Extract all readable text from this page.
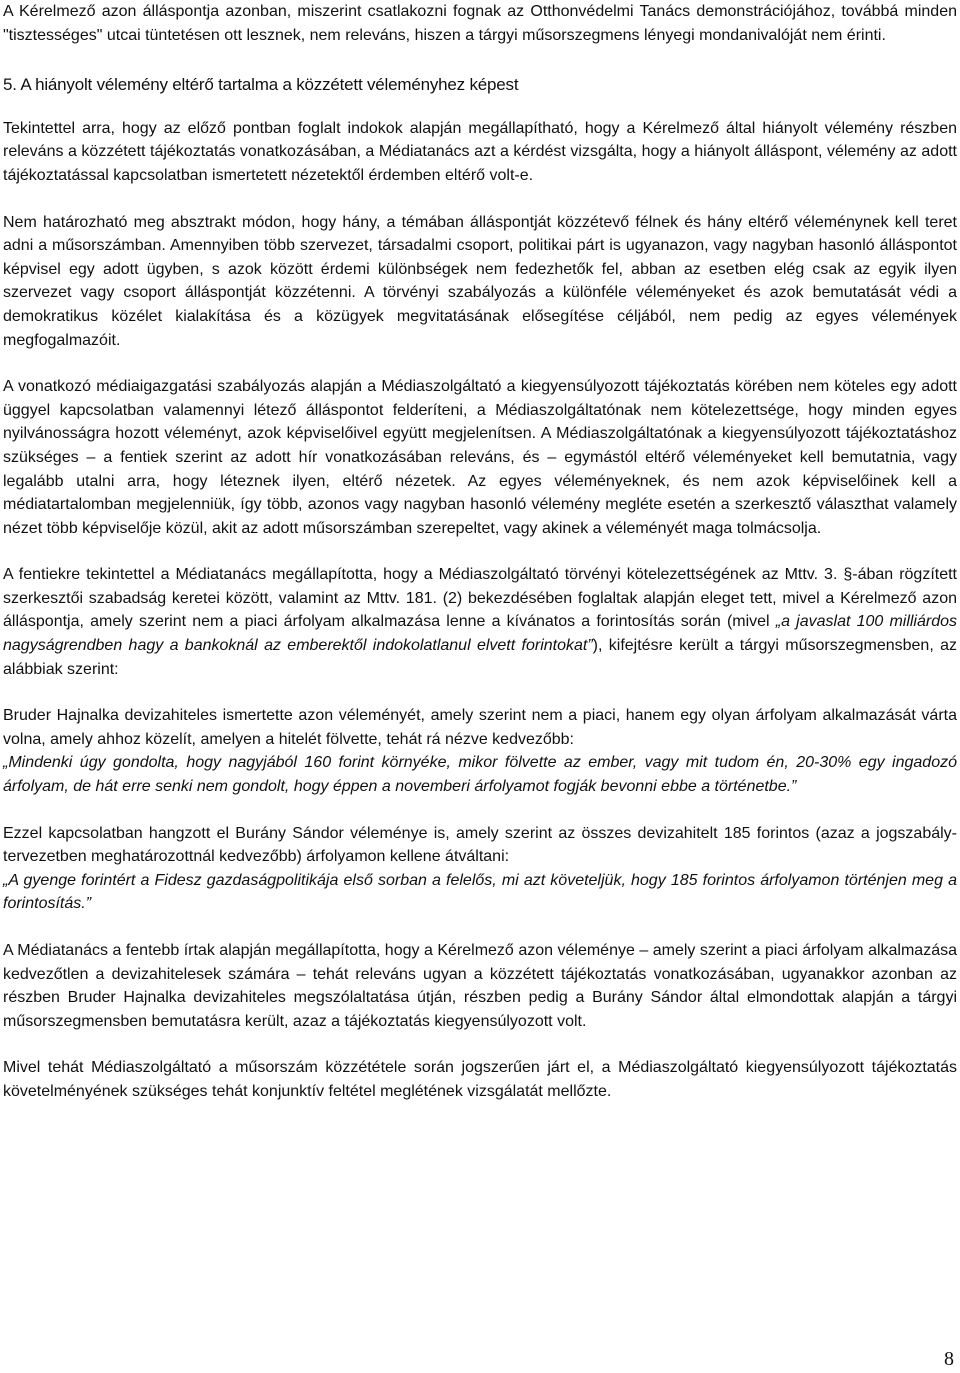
A Kérelmező azon álláspontja azonban, miszerint csatlakozni fognak az Otthonvédelmi Tanács demonstrációjához, továbbá minden "tisztességes" utcai tüntetésen ott lesznek, nem releváns, hiszen a tárgyi műsorszegmens lényegi mondanivalóját nem érinti.

5. A hiányolt vélemény eltérő tartalma a közzétett véleményhez képest

Tekintettel arra, hogy az előző pontban foglalt indokok alapján megállapítható, hogy a Kérelmező által hiányolt vélemény részben releváns a közzétett tájékoztatás vonatkozásában, a Médiatanács azt a kérdést vizsgálta, hogy a hiányolt álláspont, vélemény az adott tájékoztatással kapcsolatban ismertetett nézetektől érdemben eltérő volt-e.

Nem határozható meg absztrakt módon, hogy hány, a témában álláspontját közzétevő félnek és hány eltérő véleménynek kell teret adni a műsorszámban. Amennyiben több szervezet, társadalmi csoport, politikai párt is ugyanazon, vagy nagyban hasonló álláspontot képvisel egy adott ügyben, s azok között érdemi különbségek nem fedezhetők fel, abban az esetben elég csak az egyik ilyen szervezet vagy csoport álláspontját közzétenni. A törvényi szabályozás a különféle véleményeket és azok bemutatását védi a demokratikus közélet kialakítása és a közügyek megvitatásának elősegítése céljából, nem pedig az egyes vélemények megfogalmazóit.

A vonatkozó médiaigazgatási szabályozás alapján a Médiaszolgáltató a kiegyensúlyozott tájékoztatás körében nem köteles egy adott üggyel kapcsolatban valamennyi létező álláspontot felderíteni, a Médiaszolgáltatónak nem kötelezettsége, hogy minden egyes nyilvánosságra hozott véleményt, azok képviselőivel együtt megjelenítsen. A Médiaszolgáltatónak a kiegyensúlyozott tájékoztatáshoz szükséges – a fentiek szerint az adott hír vonatkozásában releváns, és – egymástól eltérő véleményeket kell bemutatnia, vagy legalább utalni arra, hogy léteznek ilyen, eltérő nézetek. Az egyes véleményeknek, és nem azok képviselőinek kell a médiatartalomban megjelenniük, így több, azonos vagy nagyban hasonló vélemény megléte esetén a szerkesztő választhat valamely nézet több képviselője közül, akit az adott műsorszámban szerepeltet, vagy akinek a véleményét maga tolmácsolja.

A fentiekre tekintettel a Médiatanács megállapította, hogy a Médiaszolgáltató törvényi kötelezettségének az Mttv. 3. §-ában rögzített szerkesztői szabadság keretei között, valamint az Mttv. 181. (2) bekezdésében foglaltak alapján eleget tett, mivel a Kérelmező azon álláspontja, amely szerint nem a piaci árfolyam alkalmazása lenne a kívánatos a forintosítás során (mivel „a javaslat 100 milliárdos nagyságrendben hagy a bankoknál az emberektől indokolatlanul elvett forintokat”), kifejtésre került a tárgyi műsorszegmensben, az alábbiak szerint:

Bruder Hajnalka devizahiteles ismertette azon véleményét, amely szerint nem a piaci, hanem egy olyan árfolyam alkalmazását várta volna, amely ahhoz közelít, amelyen a hitelét fölvette, tehát rá nézve kedvezőbb:

„Mindenki úgy gondolta, hogy nagyjából 160 forint környéke, mikor fölvette az ember, vagy mit tudom én, 20-30% egy ingadozó árfolyam, de hát erre senki nem gondolt, hogy éppen a novemberi árfolyamot fogják bevonni ebbe a történetbe.”

Ezzel kapcsolatban hangzott el Burány Sándor véleménye is, amely szerint az összes devizahitelt 185 forintos (azaz a jogszabály-tervezetben meghatározottnál kedvezőbb) árfolyamon kellene átváltani:

„A gyenge forintért a Fidesz gazdaságpolitikája első sorban a felelős, mi azt követeljük, hogy 185 forintos árfolyamon történjen meg a forintosítás.”

A Médiatanács a fentebb írtak alapján megállapította, hogy a Kérelmező azon véleménye – amely szerint a piaci árfolyam alkalmazása kedvezőtlen a devizahitelesek számára – tehát releváns ugyan a közzétett tájékoztatás vonatkozásában, ugyanakkor azonban az részben Bruder Hajnalka devizahiteles megszólaltatása útján, részben pedig a Burány Sándor által elmondottak alapján a tárgyi műsorszegmensben bemutatásra került, azaz a tájékoztatás kiegyensúlyozott volt.

Mivel tehát Médiaszolgáltató a műsorszám közzététele során jogszerűen járt el, a Médiaszolgáltató kiegyensúlyozott tájékoztatás követelményének szükséges tehát konjunktív feltétel meglétének vizsgálatát mellőzte.

8
